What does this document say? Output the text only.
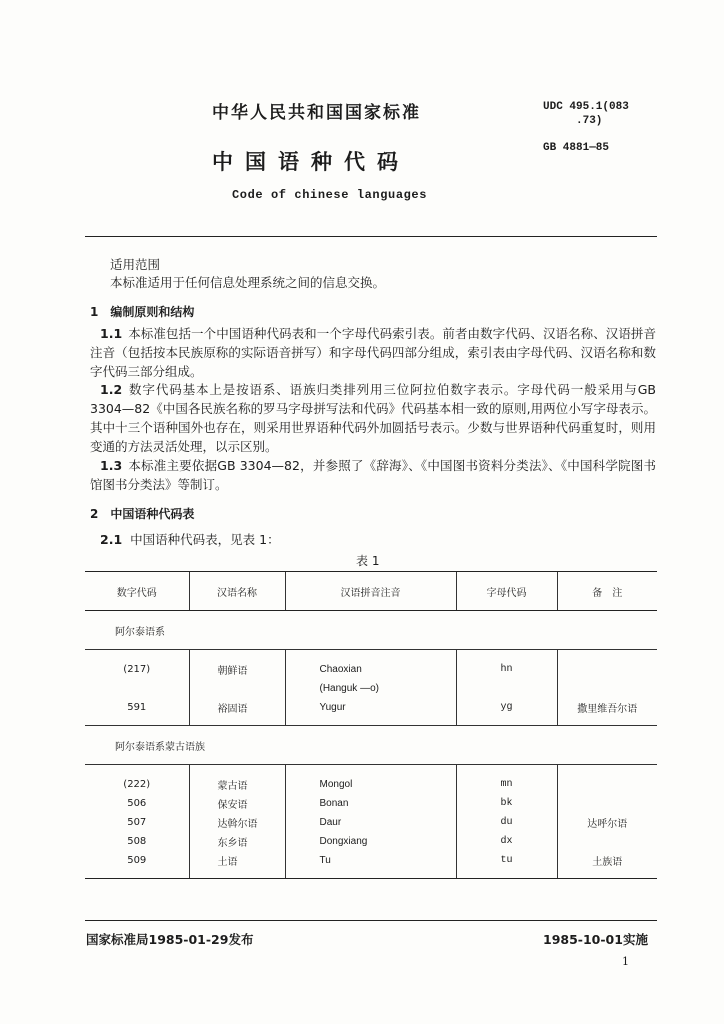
中华人民共和国国家标准	UDC 495.1(083
.73)
GB 4881—85
中国语种代码
Code of chinese languages
适用范围
本标准适用于任何信息处理系统之间的信息交换。
1　编制原则和结构
1.1 本标准包括一个中国语种代码表和一个字母代码索引表。前者由数字代码、汉语名称、汉语拼音注音（包括按本民族原称的实际语音拼写）和字母代码四部分组成，索引表由字母代码、汉语名称和数字代码三部分组成。
1.2 数字代码基本上是按语系、语族归类排列用三位阿拉伯数字表示。字母代码一般采用与GB 3304—82《中国各民族名称的罗马字母拼写法和代码》代码基本相一致的原则,用两位小写字母表示。其中十三个语种国外也存在，则采用世界语种代码外加圆括号表示。少数与世界语种代码重复时，则用变通的方法灵活处理，以示区别。
1.3 本标准主要依据GB 3304—82，并参照了《辞海》、《中国图书资料分类法》、《中国科学院图书馆图书分类法》等制订。
2　中国语种代码表
2.1 中国语种代码表，见表 1：
表 1
数字代码	汉语名称	汉语拼音注音	字母代码	备　注
阿尔泰语系				
(217)	朝鲜语	Chaoxian	hn	
		(Hanguk —o)		
591	裕固语	Yugur	yg	撒里维吾尔语
阿尔泰语系蒙古语族				
(222)	蒙古语	Mongol	mn	
506	保安语	Bonan	bk	
507	达斡尔语	Daur	du	达呼尔语
508	东乡语	Dongxiang	dx	
509	土语	Tu	tu	土族语
国家标准局1985-01-29发布	1985-10-01实施
1
